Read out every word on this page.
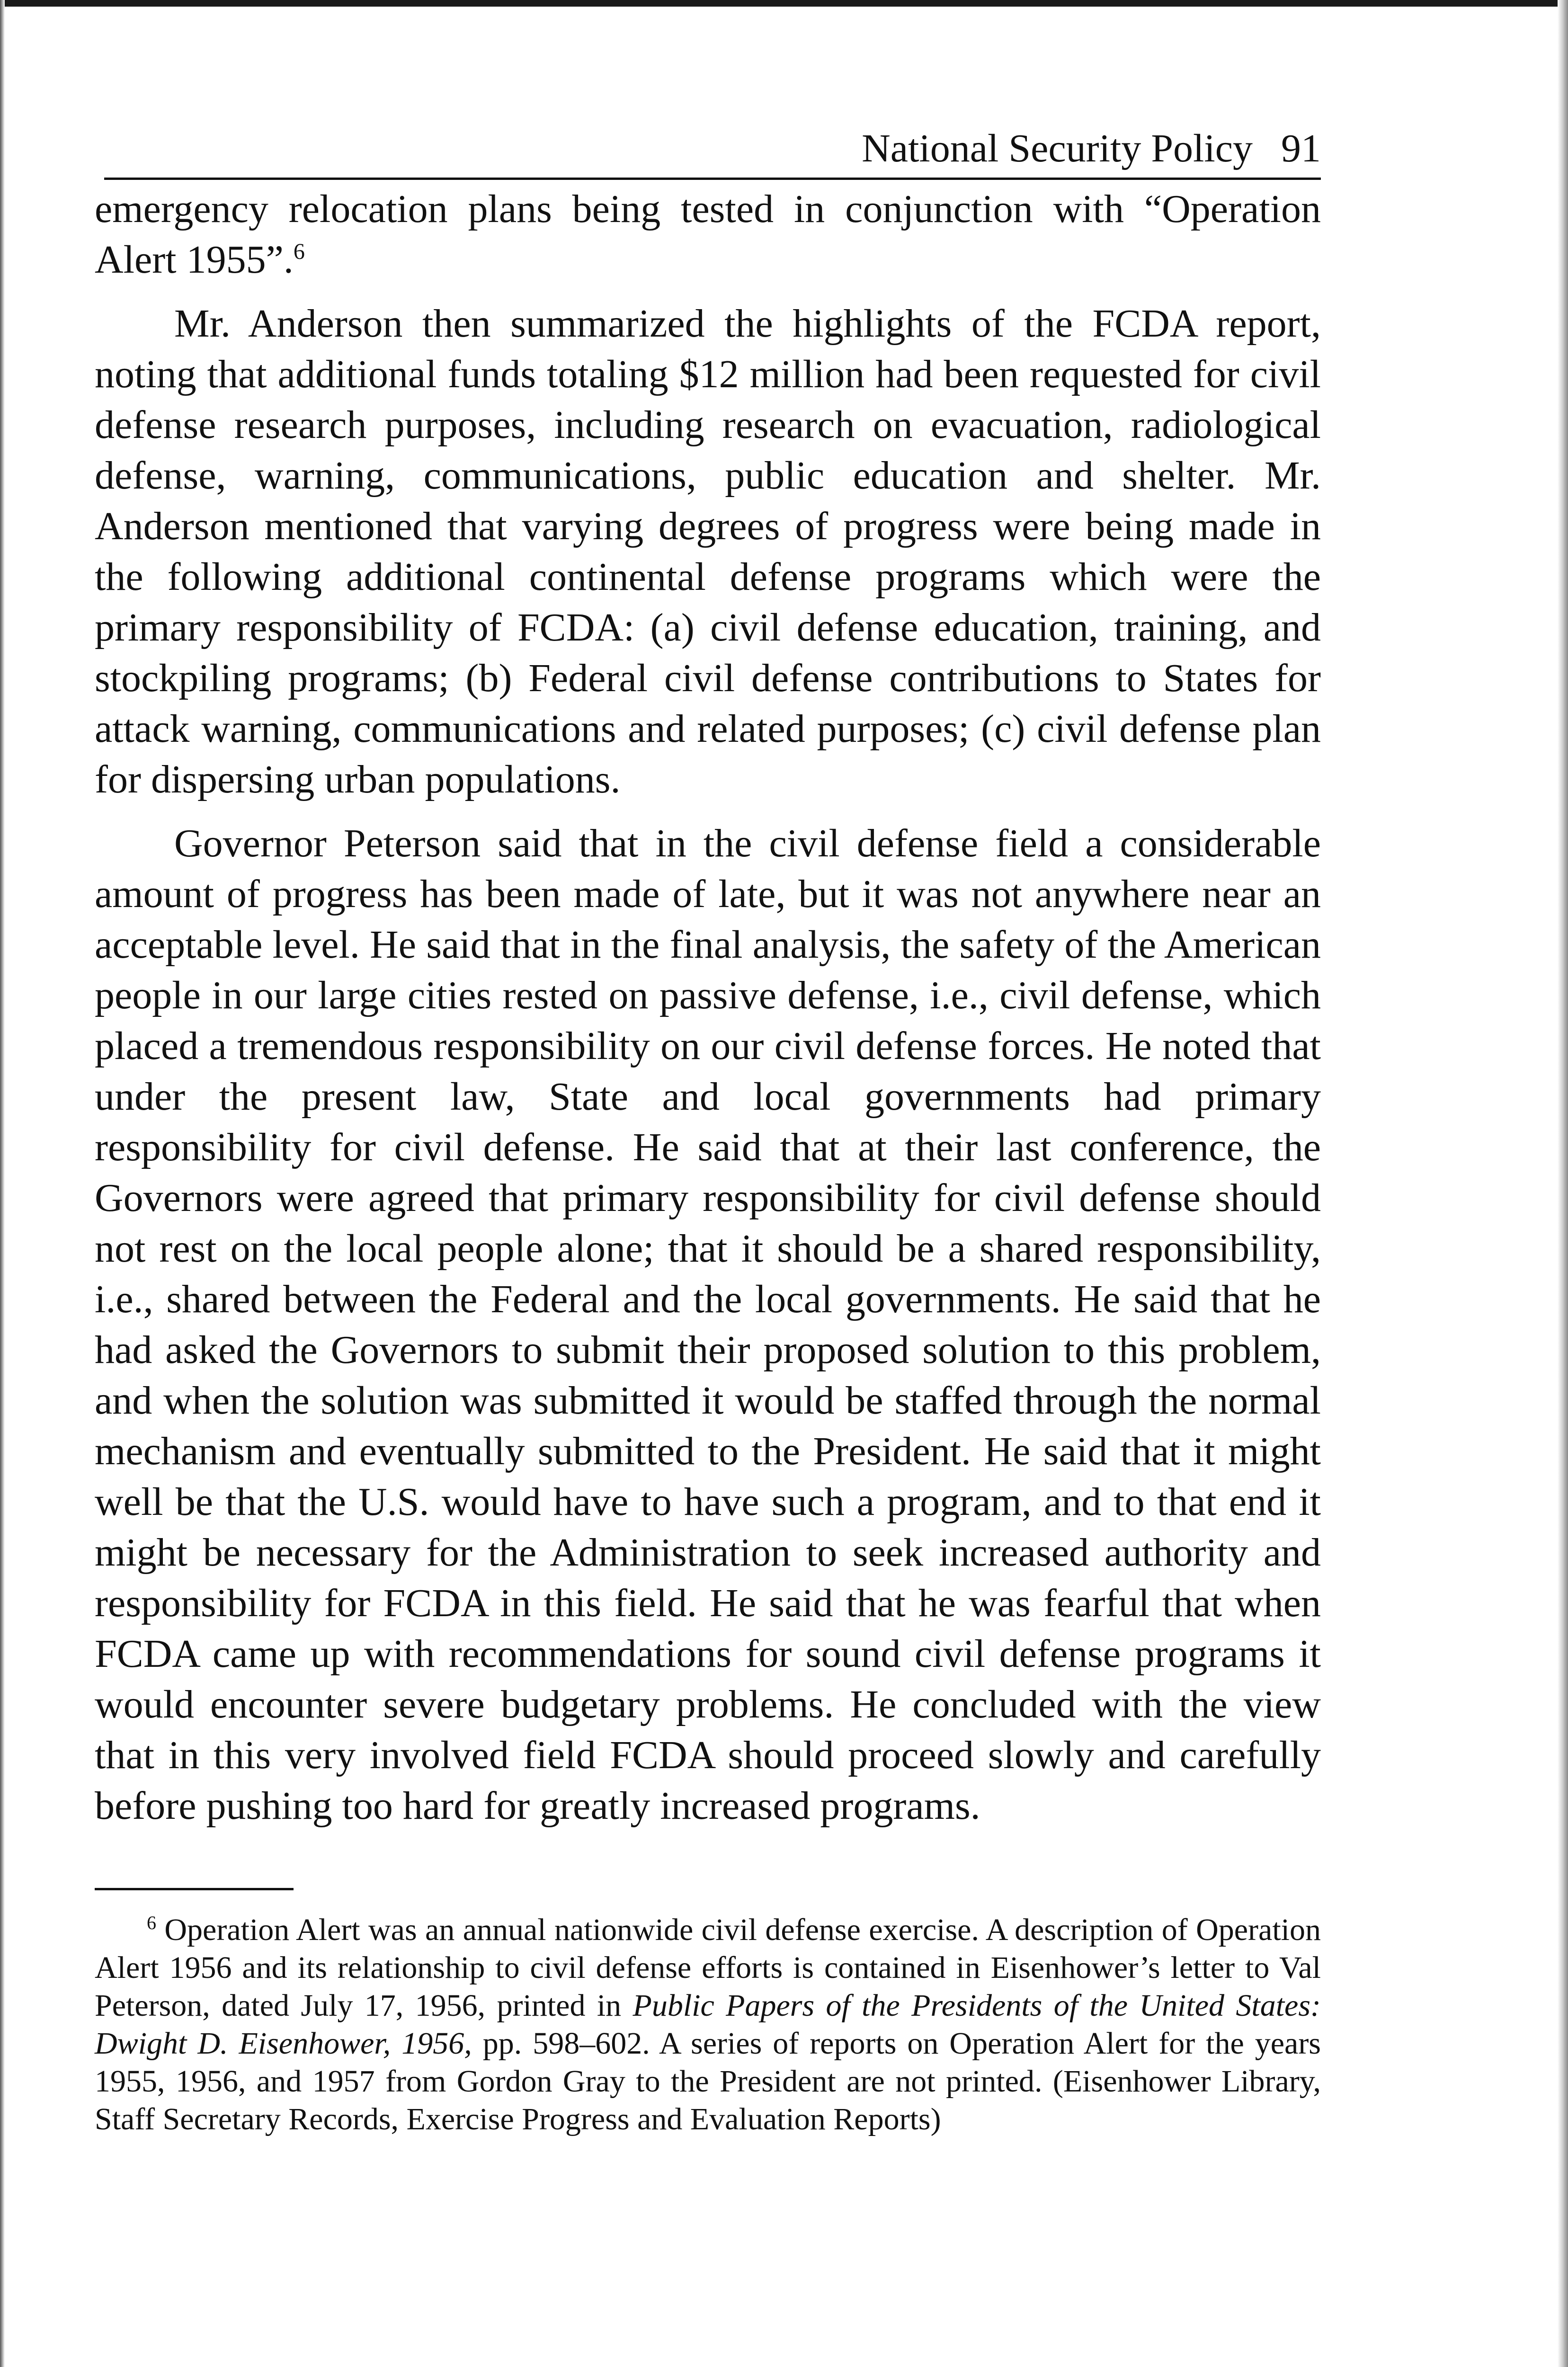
National Security Policy 91

emergency relocation plans being tested in conjunction with “Operation Alert 1955”.$^6$

Mr. Anderson then summarized the highlights of the FCDA report, noting that additional funds totaling $12 million had been requested for civil defense research purposes, including research on evacuation, radiological defense, warning, communications, public education and shelter. Mr. Anderson mentioned that varying degrees of progress were being made in the following additional continental defense programs which were the primary responsibility of FCDA: (a) civil defense education, training, and stockpiling programs; (b) Federal civil defense contributions to States for attack warning, communications and related purposes; (c) civil defense plan for dispersing urban populations.

Governor Peterson said that in the civil defense field a considerable amount of progress has been made of late, but it was not anywhere near an acceptable level. He said that in the final analysis, the safety of the American people in our large cities rested on passive defense, i.e., civil defense, which placed a tremendous responsibility on our civil defense forces. He noted that under the present law, State and local governments had primary responsibility for civil defense. He said that at their last conference, the Governors were agreed that primary responsibility for civil defense should not rest on the local people alone; that it should be a shared responsibility, i.e., shared between the Federal and the local governments. He said that he had asked the Governors to submit their proposed solution to this problem, and when the solution was submitted it would be staffed through the normal mechanism and eventually submitted to the President. He said that it might well be that the U.S. would have to have such a program, and to that end it might be necessary for the Administration to seek increased authority and responsibility for FCDA in this field. He said that he was fearful that when FCDA came up with recommendations for sound civil defense programs it would encounter severe budgetary problems. He concluded with the view that in this very involved field FCDA should proceed slowly and carefully before pushing too hard for greatly increased programs.

$^6$ Operation Alert was an annual nationwide civil defense exercise. A description of Operation Alert 1956 and its relationship to civil defense efforts is contained in Eisenhower’s letter to Val Peterson, dated July 17, 1956, printed in Public Papers of the Presidents of the United States: Dwight D. Eisenhower, 1956, pp. 598–602. A series of reports on Operation Alert for the years 1955, 1956, and 1957 from Gordon Gray to the President are not printed. (Eisenhower Library, Staff Secretary Records, Exercise Progress and Evaluation Reports)
